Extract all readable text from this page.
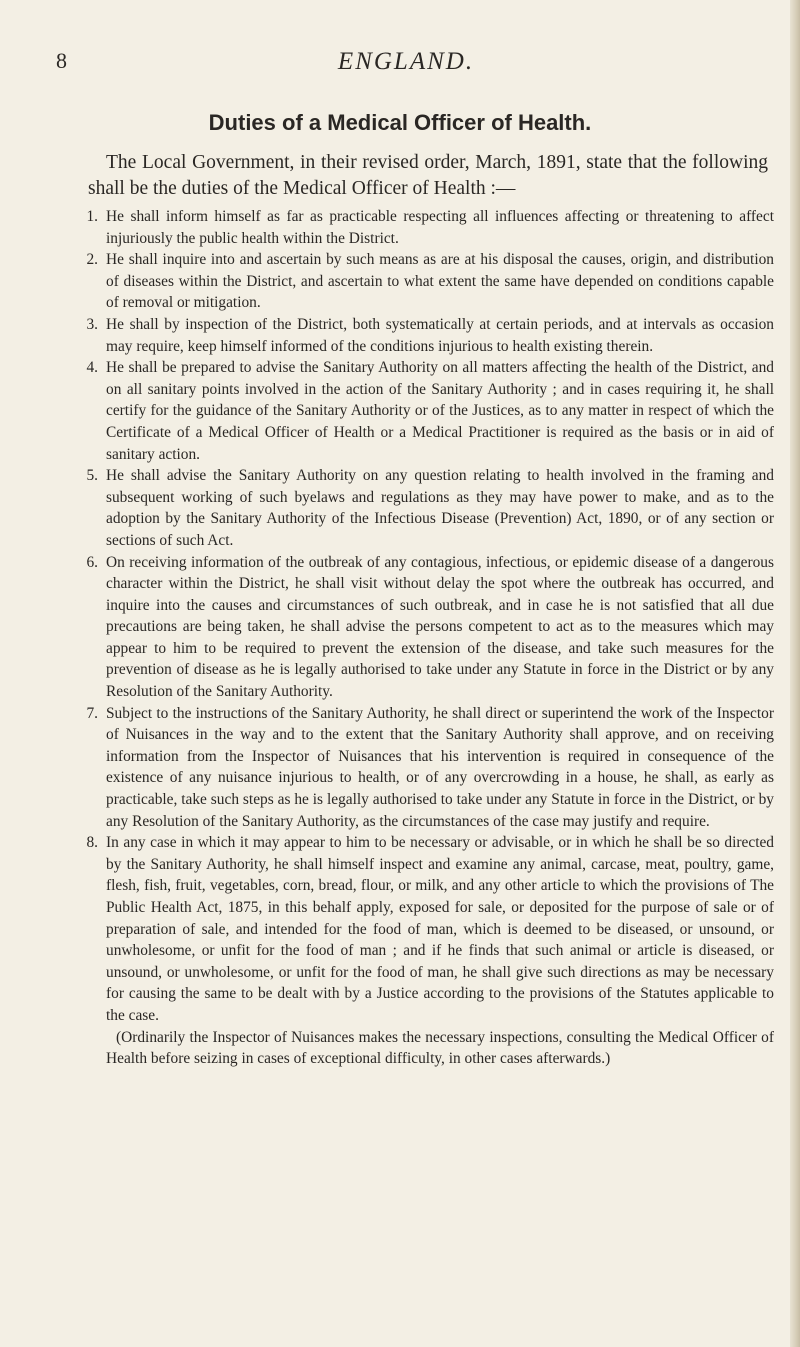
8	ENGLAND.
Duties of a Medical Officer of Health.

The Local Government, in their revised order, March, 1891, state that the following shall be the duties of the Medical Officer of Health :—

1. He shall inform himself as far as practicable respecting all influences affecting or threatening to affect injuriously the public health within the District.
2. He shall inquire into and ascertain by such means as are at his disposal the causes, origin, and distribution of diseases within the District, and ascertain to what extent the same have depended on conditions capable of removal or mitigation.
3. He shall by inspection of the District, both systematically at certain periods, and at intervals as occasion may require, keep himself informed of the conditions injurious to health existing therein.
4. He shall be prepared to advise the Sanitary Authority on all matters affecting the health of the District, and on all sanitary points involved in the action of the Sanitary Authority ; and in cases requiring it, he shall certify for the guidance of the Sanitary Authority or of the Justices, as to any matter in respect of which the Certificate of a Medical Officer of Health or a Medical Practitioner is required as the basis or in aid of sanitary action.
5. He shall advise the Sanitary Authority on any question relating to health involved in the framing and subsequent working of such byelaws and regulations as they may have power to make, and as to the adoption by the Sanitary Authority of the Infectious Disease (Prevention) Act, 1890, or of any section or sections of such Act.
6. On receiving information of the outbreak of any contagious, infectious, or epidemic disease of a dangerous character within the District, he shall visit without delay the spot where the outbreak has occurred, and inquire into the causes and circumstances of such outbreak, and in case he is not satisfied that all due precautions are being taken, he shall advise the persons competent to act as to the measures which may appear to him to be required to prevent the extension of the disease, and take such measures for the prevention of disease as he is legally authorised to take under any Statute in force in the District or by any Resolution of the Sanitary Authority.
7. Subject to the instructions of the Sanitary Authority, he shall direct or superintend the work of the Inspector of Nuisances in the way and to the extent that the Sanitary Authority shall approve, and on receiving information from the Inspector of Nuisances that his intervention is required in consequence of the existence of any nuisance injurious to health, or of any overcrowding in a house, he shall, as early as practicable, take such steps as he is legally authorised to take under any Statute in force in the District, or by any Resolution of the Sanitary Authority, as the circumstances of the case may justify and require.
8. In any case in which it may appear to him to be necessary or advisable, or in which he shall be so directed by the Sanitary Authority, he shall himself inspect and examine any animal, carcase, meat, poultry, game, flesh, fish, fruit, vegetables, corn, bread, flour, or milk, and any other article to which the provisions of The Public Health Act, 1875, in this behalf apply, exposed for sale, or deposited for the purpose of sale or of preparation of sale, and intended for the food of man, which is deemed to be diseased, or unsound, or unwholesome, or unfit for the food of man ; and if he finds that such animal or article is diseased, or unsound, or unwholesome, or unfit for the food of man, he shall give such directions as may be necessary for causing the same to be dealt with by a Justice according to the provisions of the Statutes applicable to the case.

(Ordinarily the Inspector of Nuisances makes the necessary inspections, consulting the Medical Officer of Health before seizing in cases of exceptional difficulty, in other cases afterwards.)
